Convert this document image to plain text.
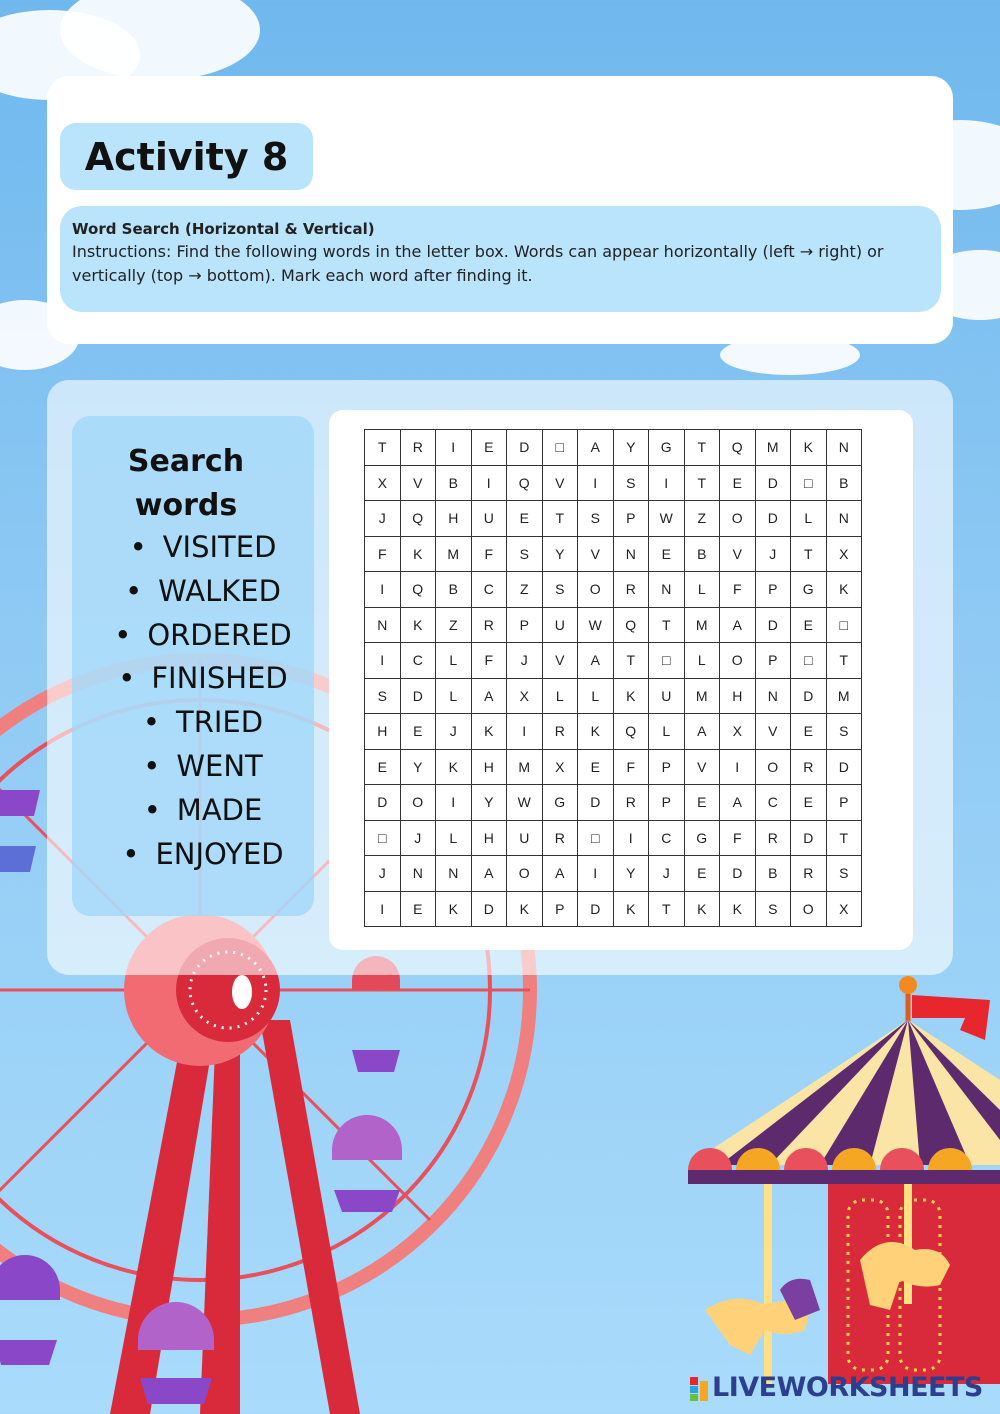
Activity 8
Word Search (Horizontal & Vertical)
Instructions: Find the following words in the letter box. Words can appear horizontally (left → right) or vertically (top → bottom). Mark each word after finding it.
Search words
• VISITED
• WALKED
• ORDERED
• FINISHED
• TRIED
• WENT
• MADE
• ENJOYED
T	R	I	E	D	□	A	Y	G	T	Q	M	K	N
X	V	B	I	Q	V	I	S	I	T	E	D	□	B
J	Q	H	U	E	T	S	P	W	Z	O	D	L	N
F	K	M	F	S	Y	V	N	E	B	V	J	T	X
I	Q	B	C	Z	S	O	R	N	L	F	P	G	K
N	K	Z	R	P	U	W	Q	T	M	A	D	E	□
I	C	L	F	J	V	A	T	□	L	O	P	□	T
S	D	L	A	X	L	L	K	U	M	H	N	D	M
H	E	J	K	I	R	K	Q	L	A	X	V	E	S
E	Y	K	H	M	X	E	F	P	V	I	O	R	D
D	O	I	Y	W	G	D	R	P	E	A	C	E	P
□	J	L	H	U	R	□	I	C	G	F	R	D	T
J	N	N	A	O	A	I	Y	J	E	D	B	R	S
I	E	K	D	K	P	D	K	T	K	K	S	O	X
LIVEWORKSHEETS
